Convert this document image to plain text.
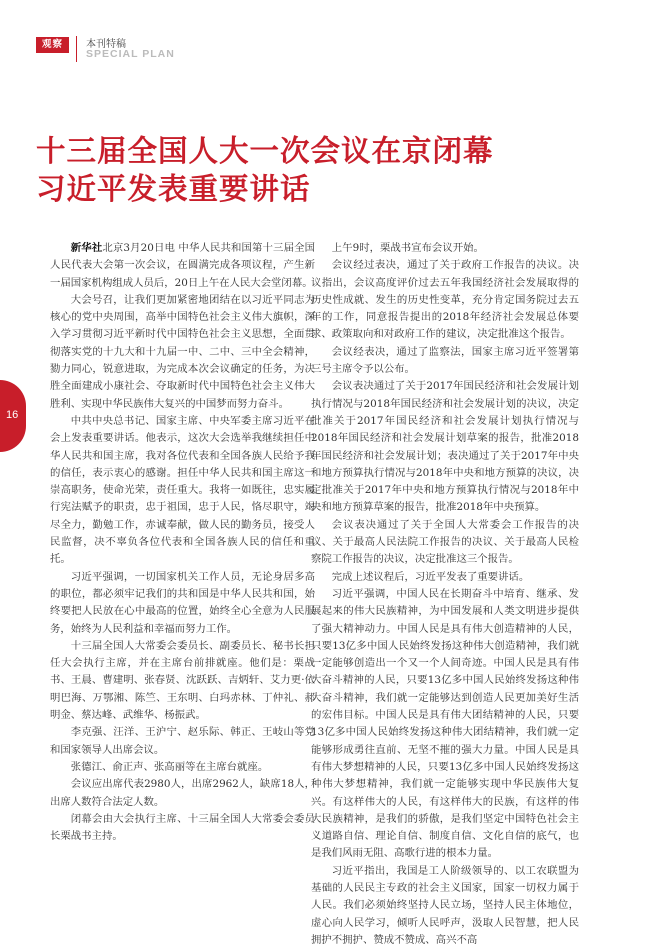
观察	本刊特稿
SPECIAL PLAN
十三届全国人大一次会议在京闭幕
习近平发表重要讲话
16

新华社北京3月20日电 中华人民共和国第十三届全国人民代表大会第一次会议，在圆满完成各项议程，产生新一届国家机构组成人员后，20日上午在人民大会堂闭幕。

大会号召，让我们更加紧密地团结在以习近平同志为核心的党中央周围，高举中国特色社会主义伟大旗帜，深入学习贯彻习近平新时代中国特色社会主义思想，全面贯彻落实党的十九大和十九届一中、二中、三中全会精神，勠力同心，锐意进取，为完成本次会议确定的任务，为决胜全面建成小康社会、夺取新时代中国特色社会主义伟大胜利、实现中华民族伟大复兴的中国梦而努力奋斗。

中共中央总书记、国家主席、中央军委主席习近平在会上发表重要讲话。他表示，这次大会选举我继续担任中华人民共和国主席，我对各位代表和全国各族人民给予我的信任，表示衷心的感谢。担任中华人民共和国主席这一崇高职务，使命光荣，责任重大。我将一如既往，忠实履行宪法赋予的职责，忠于祖国，忠于人民，恪尽职守，竭尽全力，勤勉工作，赤诚奉献，做人民的勤务员，接受人民监督，决不辜负各位代表和全国各族人民的信任和重托。

习近平强调，一切国家机关工作人员，无论身居多高的职位，都必须牢记我们的共和国是中华人民共和国，始终要把人民放在心中最高的位置，始终全心全意为人民服务，始终为人民利益和幸福而努力工作。

十三届全国人大常委会委员长、副委员长、秘书长担任大会执行主席，并在主席台前排就座。他们是：栗战书、王晨、曹建明、张春贤、沈跃跃、吉炳轩、艾力更·依明巴海、万鄂湘、陈竺、王东明、白玛赤林、丁仲礼、郝明金、蔡达峰、武维华、杨振武。

李克强、汪洋、王沪宁、赵乐际、韩正、王岐山等党和国家领导人出席会议。

张德江、俞正声、张高丽等在主席台就座。

会议应出席代表2980人，出席2962人，缺席18人，出席人数符合法定人数。

闭幕会由大会执行主席、十三届全国人大常委会委员长栗战书主持。

上午9时，栗战书宣布会议开始。

会议经过表决，通过了关于政府工作报告的决议。决议指出，会议高度评价过去五年我国经济社会发展取得的历史性成就、发生的历史性变革，充分肯定国务院过去五年的工作，同意报告提出的2018年经济社会发展总体要求、政策取向和对政府工作的建议，决定批准这个报告。

会议经表决，通过了监察法，国家主席习近平签署第三号主席令予以公布。

会议表决通过了关于2017年国民经济和社会发展计划执行情况与2018年国民经济和社会发展计划的决议，决定批准关于2017年国民经济和社会发展计划执行情况与2018年国民经济和社会发展计划草案的报告，批准2018年国民经济和社会发展计划；表决通过了关于2017年中央和地方预算执行情况与2018年中央和地方预算的决议，决定批准关于2017年中央和地方预算执行情况与2018年中央和地方预算草案的报告，批准2018年中央预算。

会议表决通过了关于全国人大常委会工作报告的决议、关于最高人民法院工作报告的决议、关于最高人民检察院工作报告的决议，决定批准这三个报告。

完成上述议程后，习近平发表了重要讲话。

习近平强调，中国人民在长期奋斗中培育、继承、发展起来的伟大民族精神，为中国发展和人类文明进步提供了强大精神动力。中国人民是具有伟大创造精神的人民，只要13亿多中国人民始终发扬这种伟大创造精神，我们就一定能够创造出一个又一个人间奇迹。中国人民是具有伟大奋斗精神的人民，只要13亿多中国人民始终发扬这种伟大奋斗精神，我们就一定能够达到创造人民更加美好生活的宏伟目标。中国人民是具有伟大团结精神的人民，只要13亿多中国人民始终发扬这种伟大团结精神，我们就一定能够形成勇往直前、无坚不摧的强大力量。中国人民是具有伟大梦想精神的人民，只要13亿多中国人民始终发扬这种伟大梦想精神，我们就一定能够实现中华民族伟大复兴。有这样伟大的人民，有这样伟大的民族，有这样的伟大民族精神，是我们的骄傲，是我们坚定中国特色社会主义道路自信、理论自信、制度自信、文化自信的底气，也是我们风雨无阻、高歌行进的根本力量。

习近平指出，我国是工人阶级领导的、以工农联盟为基础的人民民主专政的社会主义国家，国家一切权力属于人民。我们必须始终坚持人民立场，坚持人民主体地位，虚心向人民学习，倾听人民呼声，汲取人民智慧，把人民拥护不拥护、赞成不赞成、高兴不高
